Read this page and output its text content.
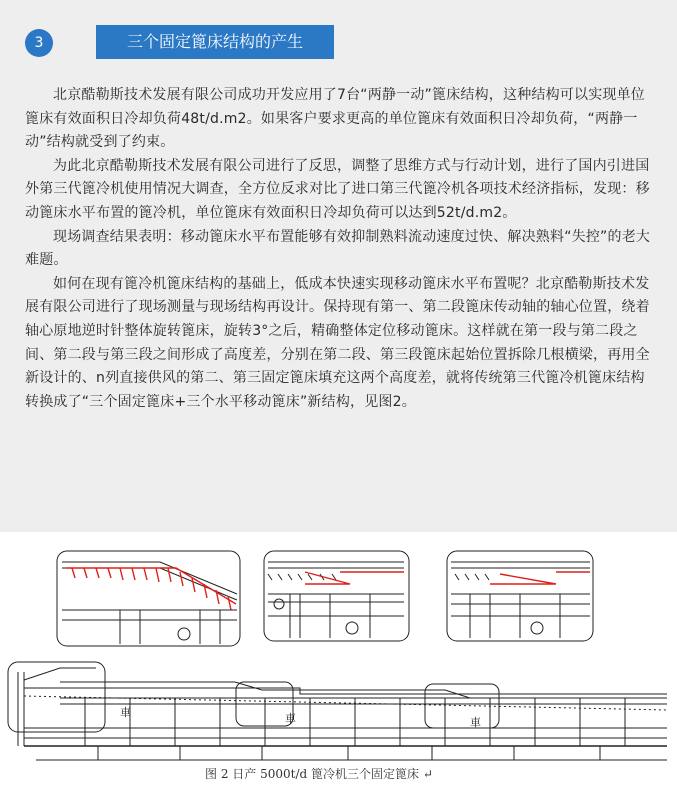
3	三个固定篦床结构的产生

北京酷勒斯技术发展有限公司成功开发应用了7台“两静一动”篦床结构，这种结构可以实现单位篦床有效面积日冷却负荷48t/d.m2。如果客户要求更高的单位篦床有效面积日冷却负荷，“两静一动”结构就受到了约束。

为此北京酷勒斯技术发展有限公司进行了反思，调整了思维方式与行动计划，进行了国内引进国外第三代篦冷机使用情况大调查，全方位反求对比了进口第三代篦冷机各项技术经济指标，发现：移动篦床水平布置的篦冷机，单位篦床有效面积日冷却负荷可以达到52t/d.m2。

现场调查结果表明：移动篦床水平布置能够有效抑制熟料流动速度过快、解决熟料“失控”的老大难题。

如何在现有篦冷机篦床结构的基础上，低成本快速实现移动篦床水平布置呢？北京酷勒斯技术发展有限公司进行了现场测量与现场结构再设计。保持现有第一、第二段篦床传动轴的轴心位置，绕着轴心原地逆时针整体旋转篦床，旋转3°之后，精确整体定位移动篦床。这样就在第一段与第二段之间、第二段与第三段之间形成了高度差，分别在第二段、第三段篦床起始位置拆除几根横梁，再用全新设计的、n列直接供风的第二、第三固定篦床填充这两个高度差，就将传统第三代篦冷机篦床结构转换成了“三个固定篦床+三个水平移动篦床”新结构，见图2。

車	車	車
图 2 日产 5000t/d 篦冷机三个固定篦床 ↵
